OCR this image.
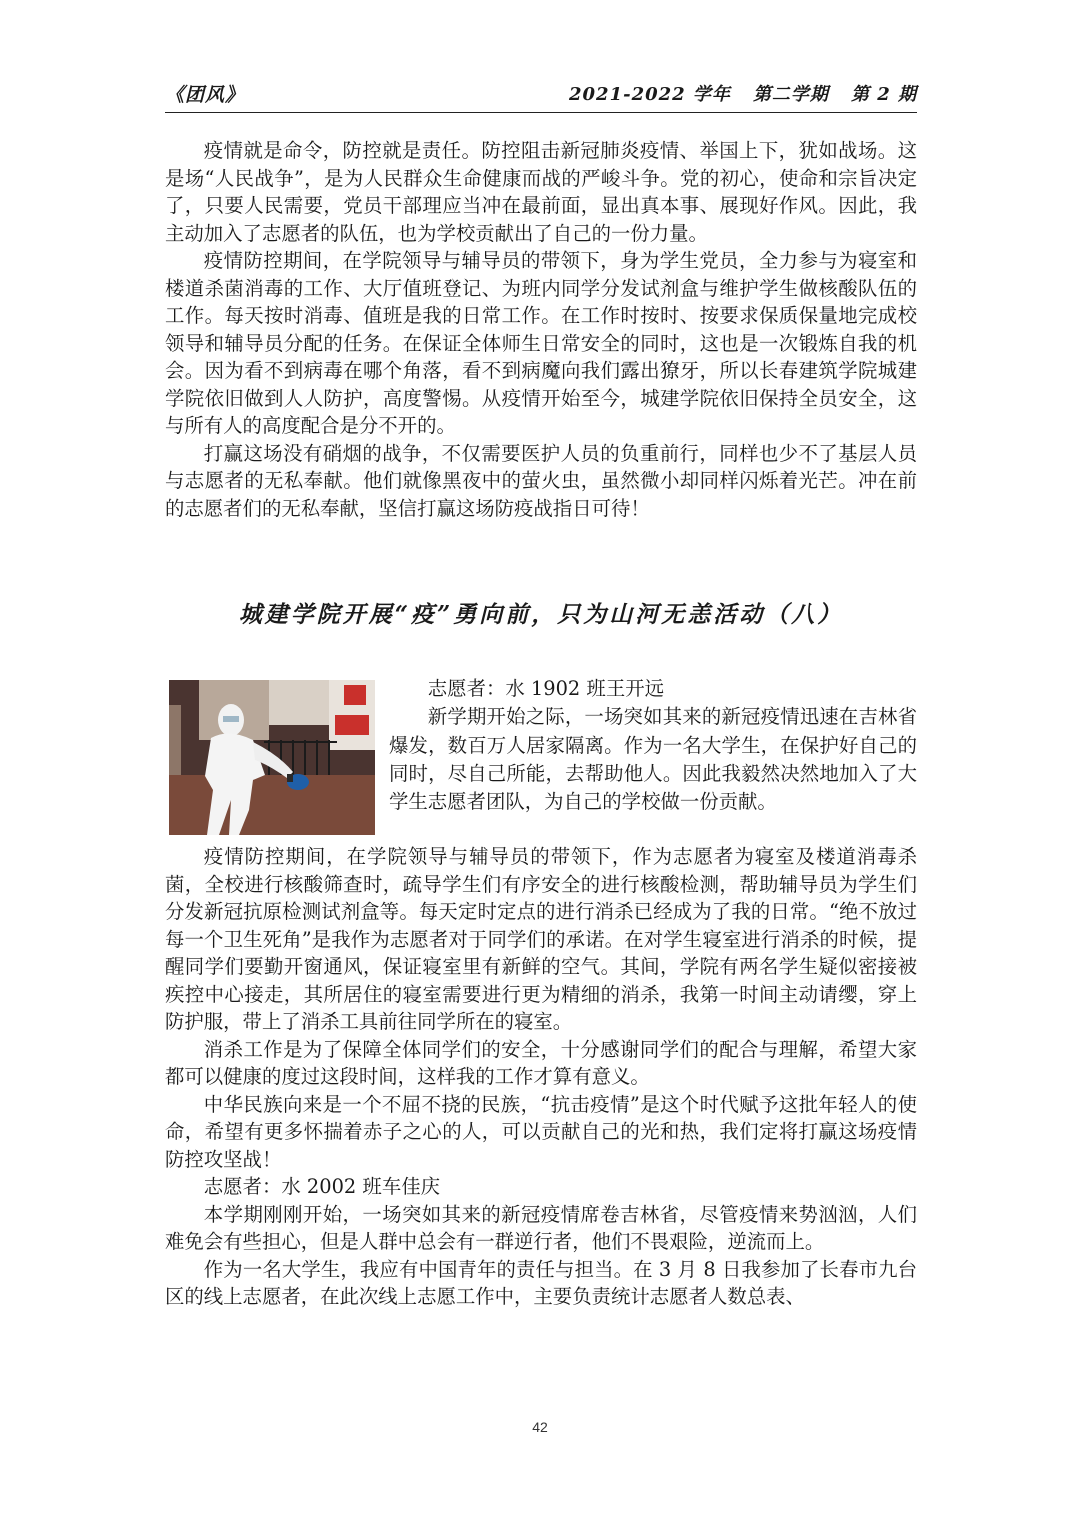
《团风》	2021-2022 学年 第二学期 第 2 期

疫情就是命令，防控就是责任。防控阻击新冠肺炎疫情、举国上下，犹如战场。这是场“人民战争”，是为人民群众生命健康而战的严峻斗争。党的初心，使命和宗旨决定了，只要人民需要，党员干部理应当冲在最前面，显出真本事、展现好作风。因此，我主动加入了志愿者的队伍，也为学校贡献出了自己的一份力量。

疫情防控期间，在学院领导与辅导员的带领下，身为学生党员，全力参与为寝室和楼道杀菌消毒的工作、大厅值班登记、为班内同学分发试剂盒与维护学生做核酸队伍的工作。每天按时消毒、值班是我的日常工作。在工作时按时、按要求保质保量地完成校领导和辅导员分配的任务。在保证全体师生日常安全的同时，这也是一次锻炼自我的机会。因为看不到病毒在哪个角落，看不到病魔向我们露出獠牙，所以长春建筑学院城建学院依旧做到人人防护，高度警惕。从疫情开始至今，城建学院依旧保持全员安全，这与所有人的高度配合是分不开的。

打赢这场没有硝烟的战争，不仅需要医护人员的负重前行，同样也少不了基层人员与志愿者的无私奉献。他们就像黑夜中的萤火虫，虽然微小却同样闪烁着光芒。冲在前的志愿者们的无私奉献，坚信打赢这场防疫战指日可待！

城建学院开展“疫”勇向前，只为山河无恙活动（八）

志愿者：水 1902 班王开远

新学期开始之际，一场突如其来的新冠疫情迅速在吉林省爆发，数百万人居家隔离。作为一名大学生，在保护好自己的同时，尽自己所能，去帮助他人。因此我毅然决然地加入了大学生志愿者团队，为自己的学校做一份贡献。

疫情防控期间，在学院领导与辅导员的带领下，作为志愿者为寝室及楼道消毒杀菌，全校进行核酸筛查时，疏导学生们有序安全的进行核酸检测，帮助辅导员为学生们分发新冠抗原检测试剂盒等。每天定时定点的进行消杀已经成为了我的日常。“绝不放过每一个卫生死角”是我作为志愿者对于同学们的承诺。在对学生寝室进行消杀的时候，提醒同学们要勤开窗通风，保证寝室里有新鲜的空气。其间，学院有两名学生疑似密接被疾控中心接走，其所居住的寝室需要进行更为精细的消杀，我第一时间主动请缨，穿上防护服，带上了消杀工具前往同学所在的寝室。

消杀工作是为了保障全体同学们的安全，十分感谢同学们的配合与理解，希望大家都可以健康的度过这段时间，这样我的工作才算有意义。

中华民族向来是一个不屈不挠的民族，“抗击疫情”是这个时代赋予这批年轻人的使命，希望有更多怀揣着赤子之心的人，可以贡献自己的光和热，我们定将打赢这场疫情防控攻坚战！

志愿者：水 2002 班车佳庆

本学期刚刚开始，一场突如其来的新冠疫情席卷吉林省，尽管疫情来势汹汹，人们难免会有些担心，但是人群中总会有一群逆行者，他们不畏艰险，逆流而上。

作为一名大学生，我应有中国青年的责任与担当。在 3 月 8 日我参加了长春市九台区的线上志愿者，在此次线上志愿工作中，主要负责统计志愿者人数总表、

42
